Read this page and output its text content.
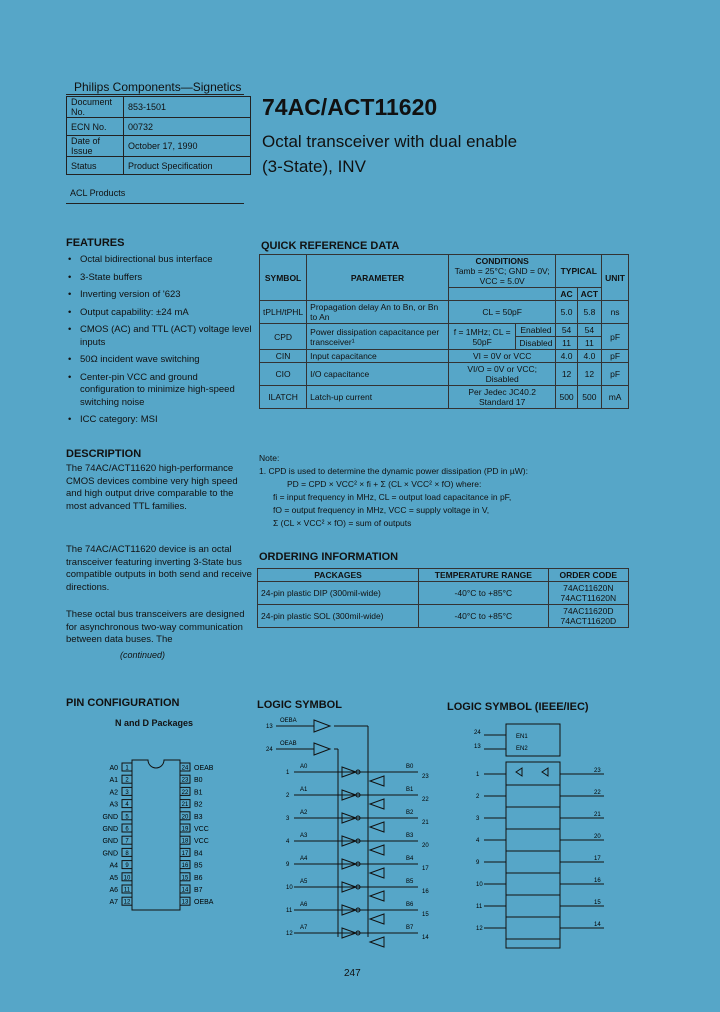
Philips Components—Signetics
Document No.	853-1501
ECN No.	00732
Date of Issue	October 17, 1990
Status	Product Specification
ACL Products
74AC/ACT11620
Octal transceiver with dual enable
(3-State), INV
FEATURES
• Octal bidirectional bus interface
• 3-State buffers
• Inverting version of '623
• Output capability: ±24 mA
• CMOS (AC) and TTL (ACT) voltage level inputs
• 50Ω incident wave switching
• Center-pin VCC and ground configuration to minimize high-speed switching noise
• ICC category: MSI
DESCRIPTION
The 74AC/ACT11620 high-performance CMOS devices combine very high speed and high output drive comparable to the most advanced TTL families.
The 74AC/ACT11620 device is an octal transceiver featuring inverting 3-State bus compatible outputs in both send and receive directions.
These octal bus transceivers are designed for asynchronous two-way communication between data buses. The
(continued)
QUICK REFERENCE DATA
SYMBOL	PARAMETER	CONDITIONS
Tamb = 25°C; GND = 0V;
VCC = 5.0V		TYPICAL		UNIT
				AC	ACT	
tPLH/tPHL	Propagation delay An to Bn, or Bn to An	CL = 50pF		5.0	5.8	ns
CPD	Power dissipation capacitance per transceiver¹	f = 1MHz; CL = 50pF	Enabled	54	54	pF
			Disabled	11	11	
CIN	Input capacitance	VI = 0V or VCC		4.0	4.0	pF
CIO	I/O capacitance	VI/O = 0V or VCC; Disabled		12	12	pF
ILATCH	Latch-up current	Per Jedec JC40.2 Standard 17		500	500	mA
Note:
1. CPD is used to determine the dynamic power dissipation (PD in µW):
PD = CPD × VCC² × fi + Σ (CL × VCC² × fO) where:
fi = input frequency in MHz, CL = output load capacitance in pF,
fO = output frequency in MHz, VCC = supply voltage in V,
Σ (CL × VCC² × fO) = sum of outputs
ORDERING INFORMATION
PACKAGES	TEMPERATURE RANGE	ORDER CODE
24-pin plastic DIP (300mil-wide)	-40°C to +85°C	74AC11620N
74ACT11620N

24-pin plastic SOL (300mil-wide)	-40°C to +85°C	74AC11620D
74ACT11620D
PIN CONFIGURATION
N and D Packages
1
A0
2
A1
3
A2
4
A3
5
GND
6
GND
7
GND
8
GND
9
A4
10
A5
11
A6
12
A7
24 OEAB
23 B0
22 B1
21 B2
20 B3
19 VCC
18 VCC
17 B4
16 B5
15 B6
14 B7
13 OEBA
LOGIC SYMBOL
OEBA
OEAB
13
24
1
A0	B0
23
2
A1	B1
22
3
A2	B2
21
4
A3	B3
20
9
A4	B4
17
10
A5	B5
16
11
A6	B6
15
12
A7	B7
14
LOGIC SYMBOL (IEEE/IEC)
EN1
EN2
24
13
1
23
2
22
3
21
4
20
9
17
10
16
11
15
12
14
247
